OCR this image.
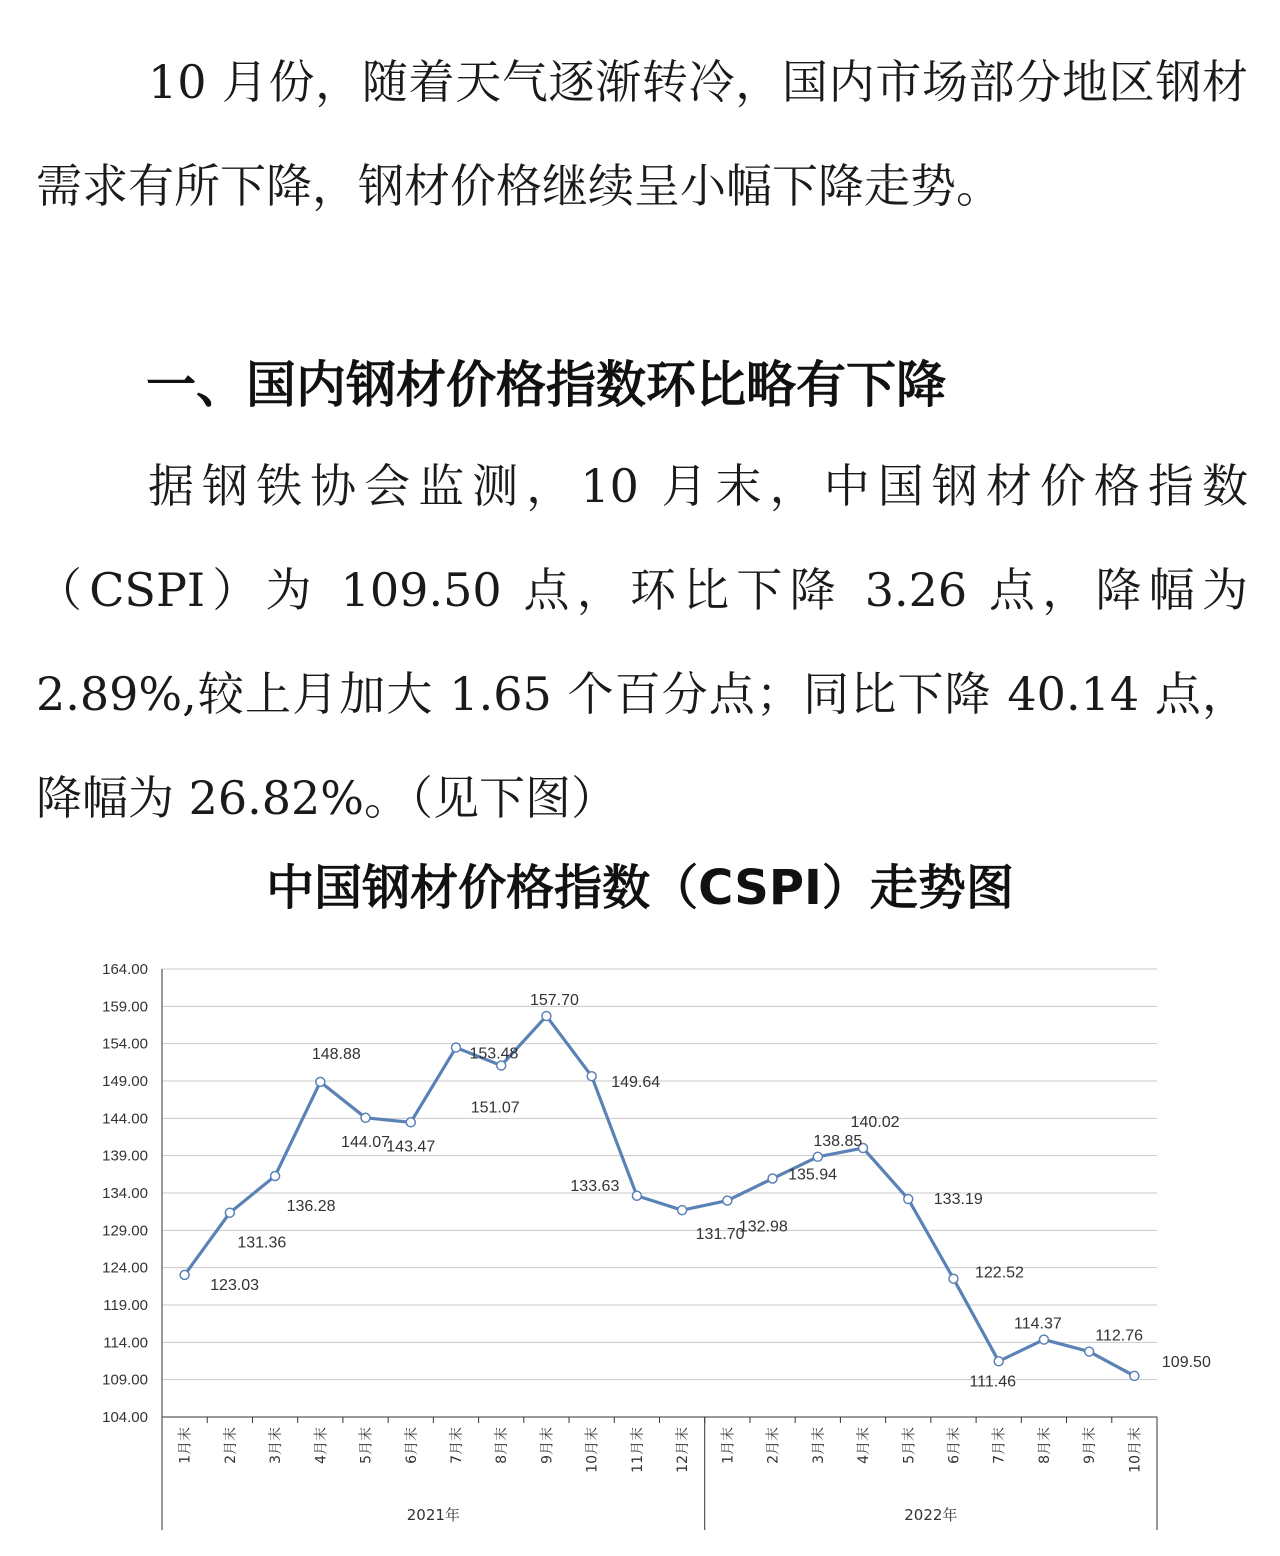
10 月份，随着天气逐渐转冷，国内市场部分地区钢材需求有所下降，钢材价格继续呈小幅下降走势。

一、国内钢材价格指数环比略有下降

据钢铁协会监测，10 月末，中国钢材价格指数（CSPI）为 109.50 点，环比下降 3.26 点，降幅为 2.89%,较上月加大 1.65 个百分点；同比下降 40.14 点，降幅为 26.82%。（见下图）

中国钢材价格指数（CSPI）走势图
104.00
109.00
114.00
119.00
124.00
129.00
134.00
139.00
144.00
149.00
154.00
159.00
164.00
123.03
131.36
136.28
148.88
144.07
143.47
153.48
151.07
157.70
149.64
133.63
131.70
132.98
135.94
138.85
140.02
133.19
122.52
111.46
114.37
112.76
109.50
2021年	2022年
1月末 2月末 3月末 4月末 5月末 6月末 7月末 8月末 9月末 10月末 11月末 12月末 1月末 2月末 3月末 4月末 5月末 6月末 7月末 8月末 9月末 10月末
